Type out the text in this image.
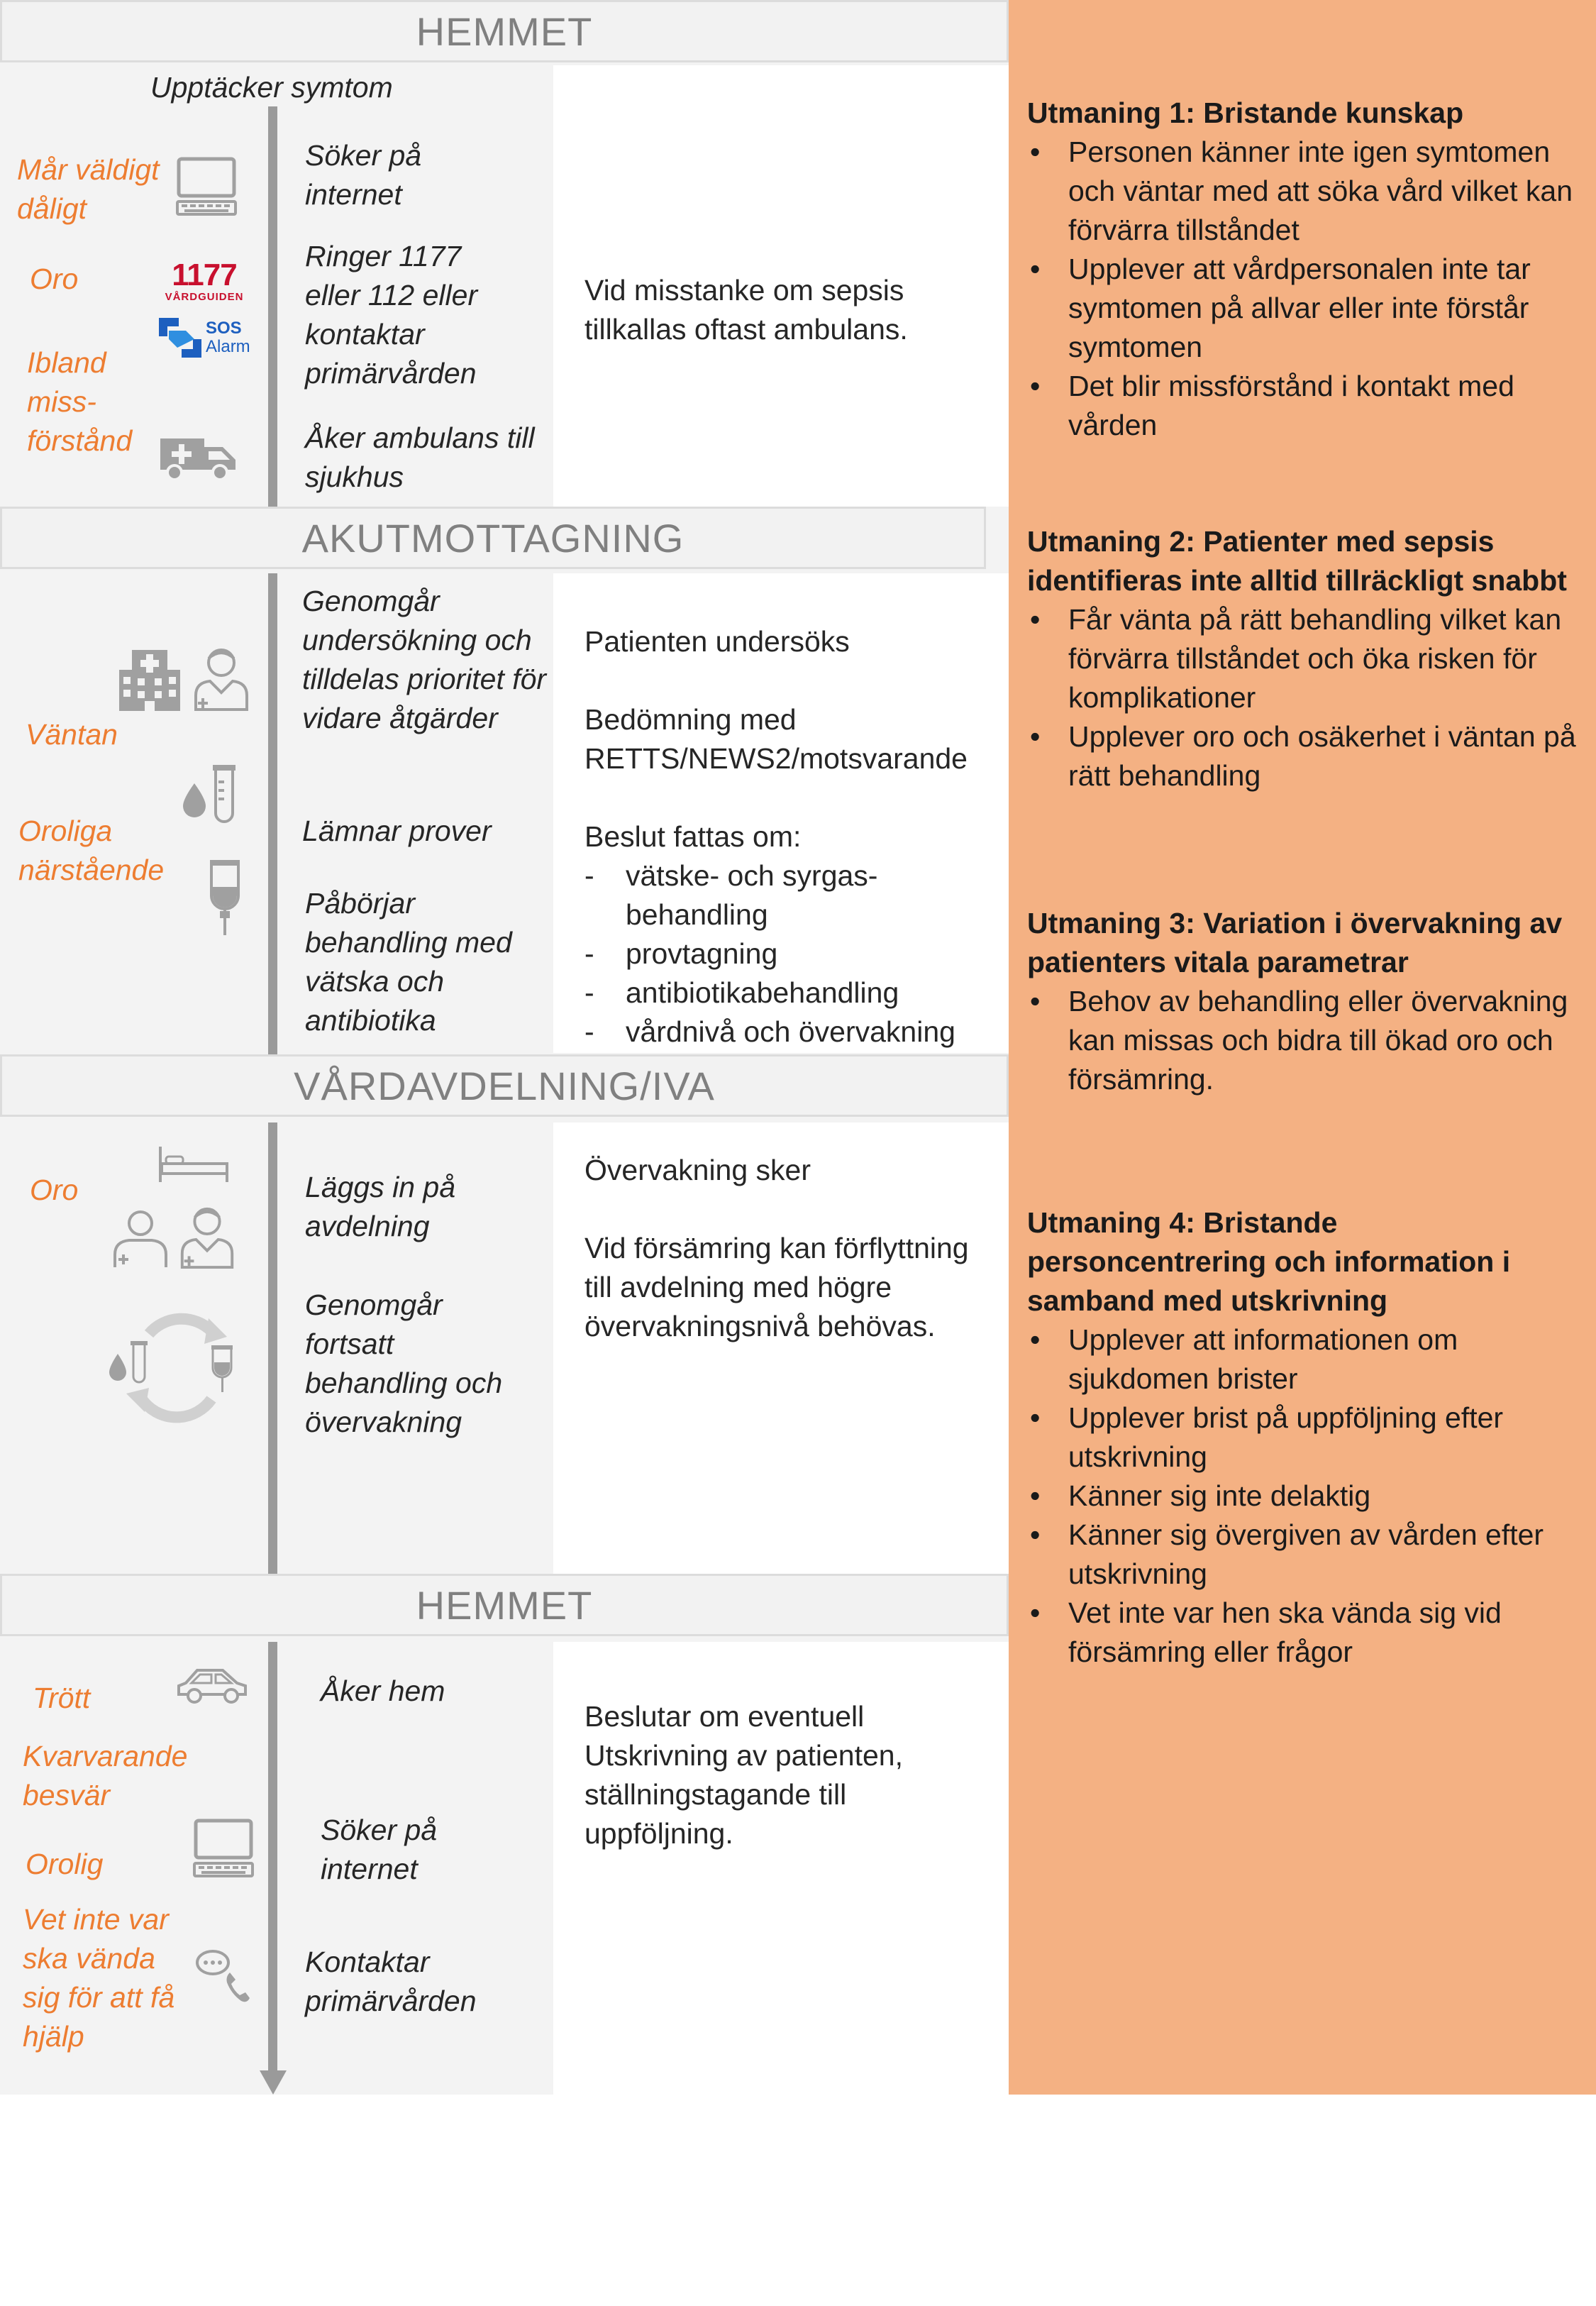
HEMMET
AKUTMOTTAGNING
VÅRDAVDELNING/IVA
HEMMET
Upptäcker symtom
Mår väldigt dåligt
Oro
Ibland miss-förstånd
1177
VÅRDGUIDEN
SOS
Alarm
Söker på internet
Ringer 1177 eller 112 eller kontaktar primärvården
Åker ambulans till sjukhus
Vid misstanke om sepsis tillkallas oftast ambulans.
Väntan
Oroliga närstående
Genomgår undersökning och tilldelas prioritet för vidare åtgärder
Lämnar prover
Påbörjar behandling med vätska och antibiotika
Patienten undersöks
Bedömning med RETTS/NEWS2/motsvarande
Beslut fattas om:
- vätske- och syrgas-behandling
- provtagning
- antibiotikabehandling
- vårdnivå och övervakning
Oro	Läggs in på avdelning
Genomgår fortsatt behandling och övervakning
Övervakning sker
Vid försämring kan förflyttning till avdelning med högre övervakningsnivå behövas.
Trött
Kvarvarande besvär
Orolig
Vet inte var ska vända sig för att få hjälp
Åker hem
Söker på internet
Kontaktar primärvården
Beslutar om eventuell Utskrivning av patienten, ställningstagande till uppföljning.
Utmaning 1: Bristande kunskap
• Personen känner inte igen symtomen och väntar med att söka vård vilket kan förvärra tillståndet
• Upplever att vårdpersonalen inte tar symtomen på allvar eller inte förstår symtomen
• Det blir missförstånd i kontakt med vården
Utmaning 2: Patienter med sepsis identifieras inte alltid tillräckligt snabbt
• Får vänta på rätt behandling vilket kan förvärra tillståndet och öka risken för komplikationer
• Upplever oro och osäkerhet i väntan på rätt behandling
Utmaning 3: Variation i övervakning av patienters vitala parametrar
• Behov av behandling eller övervakning kan missas och bidra till ökad oro och försämring.
Utmaning 4: Bristande personcentrering och information i samband med utskrivning
• Upplever att informationen om sjukdomen brister
• Upplever brist på uppföljning efter utskrivning
• Känner sig inte delaktig
• Känner sig övergiven av vården efter utskrivning
• Vet inte var hen ska vända sig vid försämring eller frågor
